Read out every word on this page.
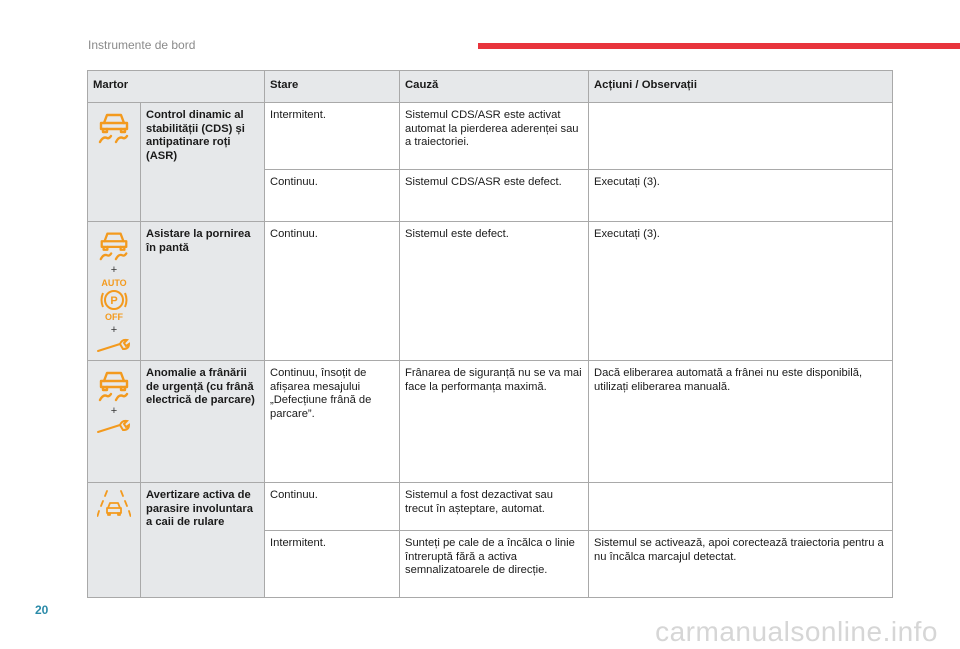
Instrumente de bord
Martor		Stare	Cauză	Acțiuni / Observații

	Control dinamic al stabilității (CDS) și antipatinare roți (ASR)	Intermitent.	Sistemul CDS/ASR este activat automat la pierderea aderenței sau a traiectoriei.	
		Continuu.	Sistemul CDS/ASR este defect.	Executați (3).

+
AUTO
P
OFF
+	Asistare la pornirea în pantă	Continuu.	Sistemul este defect.	Executați (3).

+	Anomalie a frânării de urgență (cu frână electrică de parcare)	Continuu, însoțit de afișarea mesajului „Defecțiune frână de parcare”.	Frânarea de siguranță nu se va mai face la performanța maximă.	Dacă eliberarea automată a frânei nu este disponibilă, utilizați eliberarea manuală.

	Avertizare activa de parasire involuntara a caii de rulare	Continuu.	Sistemul a fost dezactivat sau trecut în așteptare, automat.	
		Intermitent.	Sunteți pe cale de a încălca o linie întreruptă fără a activa semnalizatoarele de direcție.	Sistemul se activează, apoi corectează traiectoria pentru a nu încălca marcajul detectat.
20
carmanualsonline.info
